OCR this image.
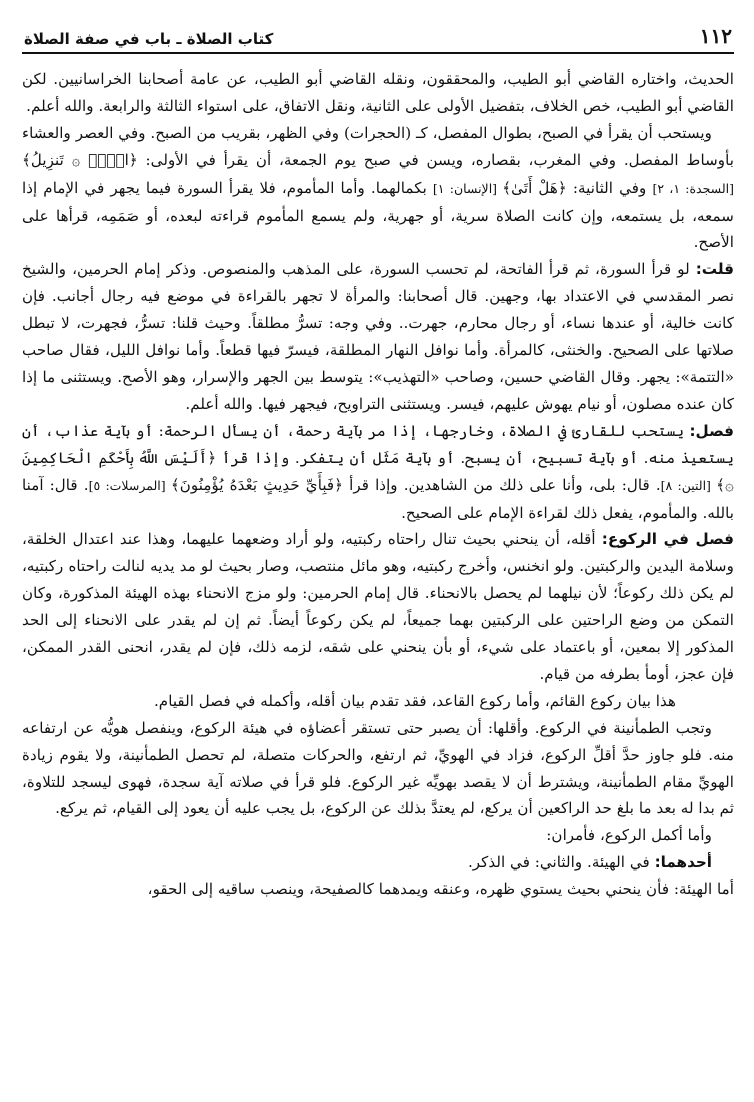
١١٢
كتاب الصلاة ـ باب في صفة الصلاة

الحديث، واختاره القاضي أبو الطيب، والمحققون، ونقله القاضي أبو الطيب، عن عامة أصحابنا الخراسانيين. لكن القاضي أبو الطيب، خص الخلاف، بتفضيل الأولى على الثانية، ونقل الاتفاق، على استواء الثالثة والرابعة. والله أعلم.

ويستحب أن يقرأ في الصبح، بطوال المفصل، كـ (الحجرات) وفي الظهر، بقريب من الصبح. وفي العصر والعشاء بأوساط المفصل. وفي المغرب، بقصاره، ويسن في صبح يوم الجمعة، أن يقرأ في الأولى: ﴿الۤمۤ ۞ تَنزِيلُ﴾ [السجدة: ١، ٢] وفي الثانية: ﴿هَلْ أَتَىٰ﴾ [الإنسان: ١] بكمالهما. وأما المأموم، فلا يقرأ السورة فيما يجهر في الإمام إذا سمعه، بل يستمعه، وإن كانت الصلاة سرية، أو جهرية، ولم يسمع المأموم قراءته لبعده، أو صَمَمِه، قرأها على الأصح.

قلت: لو قرأ السورة، ثم قرأ الفاتحة، لم تحسب السورة، على المذهب والمنصوص. وذكر إمام الحرمين، والشيخ نصر المقدسي في الاعتداد بها، وجهين. قال أصحابنا: والمرأة لا تجهر بالقراءة في موضع فيه رجال أجانب. فإن كانت خالية، أو عندها نساء، أو رجال محارم، جهرت.. وفي وجه: تسرُّ مطلقاً. وحيث قلنا: تسرُّ، فجهرت، لا تبطل صلاتها على الصحيح. والخنثى، كالمرأة. وأما نوافل النهار المطلقة، فيسرّ فيها قطعاً. وأما نوافل الليل، فقال صاحب «التتمة»: يجهر. وقال القاضي حسين، وصاحب «التهذيب»: يتوسط بين الجهر والإسرار، وهو الأصح. ويستثنى ما إذا كان عنده مصلون، أو نيام يهوش عليهم، فيسر. ويستثنى التراويح، فيجهر فيها. والله أعلم.

فصل: يستحب للقارئ في الصلاة، وخارجها، إذا مر بآية رحمة، أن يسأل الرحمة: أو بآية عذاب، أن يستعيذ منه. أو بآية تسبيح، أن يسبح. أو بآية مَثَل أن يتفكر. وإذا قرأ ﴿أَلَيْسَ اللَّهُ بِأَحْكَمِ الْحَاكِمِينَ ۞﴾ [التين: ٨]. قال: بلى، وأنا على ذلك من الشاهدين. وإذا قرأ ﴿فَبِأَيِّ حَدِيثٍ بَعْدَهُ يُؤْمِنُونَ﴾ [المرسلات: ٥]. قال: آمنا بالله. والمأموم، يفعل ذلك لقراءة الإمام على الصحيح.

فصل في الركوع: أقله، أن ينحني بحيث تنال راحتاه ركبتيه، ولو أراد وضعهما عليهما، وهذا عند اعتدال الخلقة، وسلامة اليدين والركبتين. ولو انخنس، وأخرج ركبتيه، وهو مائل منتصب، وصار بحيث لو مد يديه لنالت راحتاه ركبتيه، لم يكن ذلك ركوعاً؛ لأن نيلهما لم يحصل بالانحناء. قال إمام الحرمين: ولو مزج الانحناء بهذه الهيئة المذكورة، وكان التمكن من وضع الراحتين على الركبتين بهما جميعاً، لم يكن ركوعاً أيضاً. ثم إن لم يقدر على الانحناء إلى الحد المذكور إلا بمعين، أو باعتماد على شيء، أو بأن ينحني على شقه، لزمه ذلك، فإن لم يقدر، انحنى القدر الممكن، فإن عجز، أومأ بطرفه من قيام.

هذا بيان ركوع القائم، وأما ركوع القاعد، فقد تقدم بيان أقله، وأكمله في فصل القيام.

وتجب الطمأنينة في الركوع. وأقلها: أن يصبر حتى تستقر أعضاؤه في هيئة الركوع، وينفصل هويُّه عن ارتفاعه منه. فلو جاوز حدَّ أقلِّ الركوع، فزاد في الهويِّ، ثم ارتفع، والحركات متصلة، لم تحصل الطمأنينة، ولا يقوم زيادة الهويِّ مقام الطمأنينة، ويشترط أن لا يقصد بهويِّه غير الركوع. فلو قرأ في صلاته آية سجدة، فهوى ليسجد للتلاوة، ثم بدا له بعد ما بلغ حد الراكعين أن يركع، لم يعتدَّ بذلك عن الركوع، بل يجب عليه أن يعود إلى القيام، ثم يركع.

وأما أكمل الركوع، فأمران:

أحدهما: في الهيئة. والثاني: في الذكر.

أما الهيئة: فأن ينحني بحيث يستوي ظهره، وعنقه ويمدهما كالصفيحة، وينصب ساقيه إلى الحقو،
